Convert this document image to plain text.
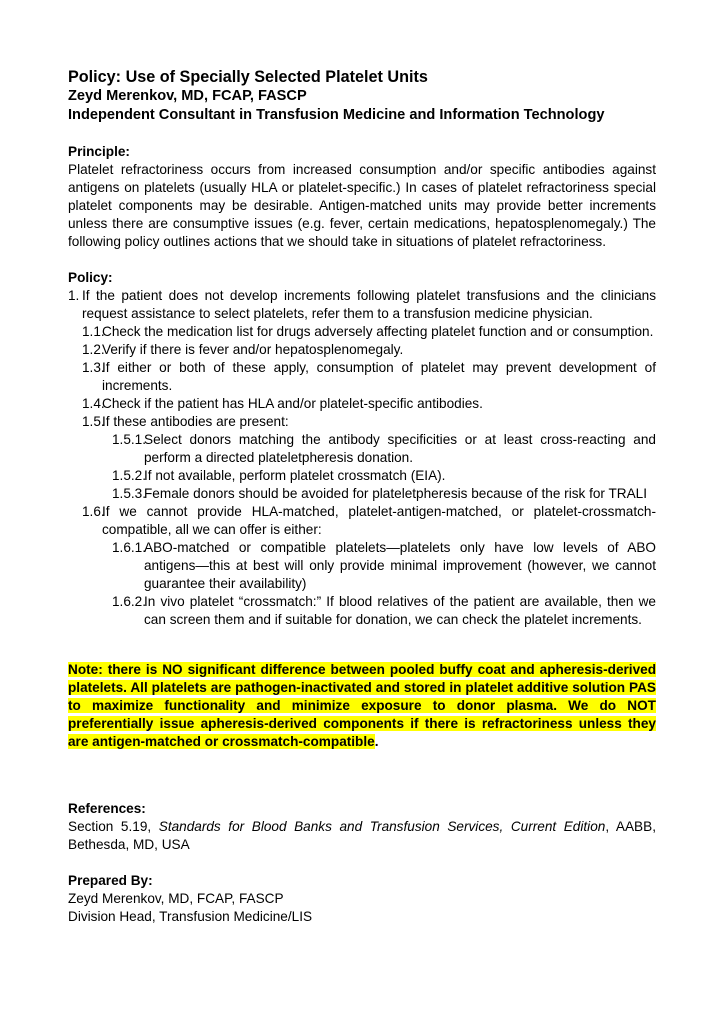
Policy: Use of Specially Selected Platelet Units
Zeyd Merenkov, MD, FCAP, FASCP
Independent Consultant in Transfusion Medicine and Information Technology
Principle:

Platelet refractoriness occurs from increased consumption and/or specific antibodies against antigens on platelets (usually HLA or platelet-specific.) In cases of platelet refractoriness special platelet components may be desirable. Antigen-matched units may provide better increments unless there are consumptive issues (e.g. fever, certain medications, hepatosplenomegaly.) The following policy outlines actions that we should take in situations of platelet refractoriness.

Policy:
1. If the patient does not develop increments following platelet transfusions and the clinicians request assistance to select platelets, refer them to a transfusion medicine physician.
1.1.
Check the medication list for drugs adversely affecting platelet function and or consumption.
1.2.
Verify if there is fever and/or hepatosplenomegaly.
1.3.
If either or both of these apply, consumption of platelet may prevent development of increments.
1.4.
Check if the patient has HLA and/or platelet-specific antibodies.
1.5.
If these antibodies are present:
1.5.1.
Select donors matching the antibody specificities or at least cross-reacting and perform a directed plateletpheresis donation.
1.5.2.
If not available, perform platelet crossmatch (EIA).
1.5.3.
Female donors should be avoided for plateletpheresis because of the risk for TRALI
1.6.
If we cannot provide HLA-matched, platelet-antigen-matched, or platelet-crossmatch-compatible, all we can offer is either:
1.6.1.
ABO-matched or compatible platelets—platelets only have low levels of ABO antigens—this at best will only provide minimal improvement (however, we cannot guarantee their availability)
1.6.2.
In vivo platelet “crossmatch:” If blood relatives of the patient are available, then we can screen them and if suitable for donation, we can check the platelet increments.

Note: there is NO significant difference between pooled buffy coat and apheresis-derived platelets. All platelets are pathogen-inactivated and stored in platelet additive solution PAS to maximize functionality and minimize exposure to donor plasma. We do NOT preferentially issue apheresis-derived components if there is refractoriness unless they are antigen-matched or crossmatch-compatible.

References:

Section 5.19, Standards for Blood Banks and Transfusion Services, Current Edition, AABB, Bethesda, MD, USA

Prepared By:
Zeyd Merenkov, MD, FCAP, FASCP
Division Head, Transfusion Medicine/LIS
